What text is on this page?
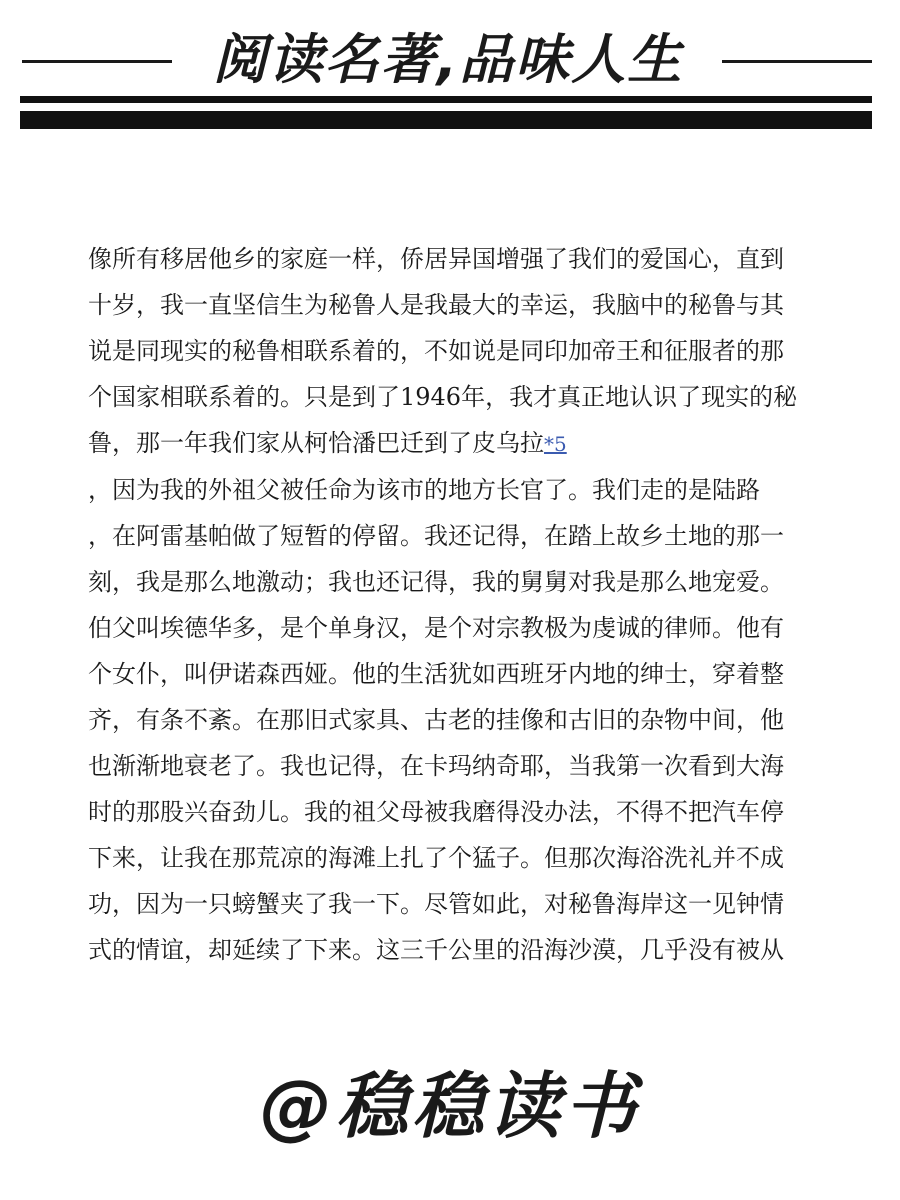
阅读名著,品味人生

像所有移居他乡的家庭一样，侨居异国增强了我们的爱国心，直到

十岁，我一直坚信生为秘鲁人是我最大的幸运，我脑中的秘鲁与其

说是同现实的秘鲁相联系着的，不如说是同印加帝王和征服者的那

个国家相联系着的。只是到了1946年，我才真正地认识了现实的秘

鲁，那一年我们家从柯恰潘巴迁到了皮乌拉*5

，因为我的外祖父被任命为该市的地方长官了。我们走的是陆路

，在阿雷基帕做了短暂的停留。我还记得，在踏上故乡土地的那一

刻，我是那么地激动；我也还记得，我的舅舅对我是那么地宠爱。

伯父叫埃德华多，是个单身汉，是个对宗教极为虔诚的律师。他有

个女仆，叫伊诺森西娅。他的生活犹如西班牙内地的绅士，穿着整

齐，有条不紊。在那旧式家具、古老的挂像和古旧的杂物中间，他

也渐渐地衰老了。我也记得，在卡玛纳奇耶，当我第一次看到大海

时的那股兴奋劲儿。我的祖父母被我磨得没办法，不得不把汽车停

下来，让我在那荒凉的海滩上扎了个猛子。但那次海浴洗礼并不成

功，因为一只螃蟹夹了我一下。尽管如此，对秘鲁海岸这一见钟情

式的情谊，却延续了下来。这三千公里的沿海沙漠，几乎没有被从

@稳稳读书
